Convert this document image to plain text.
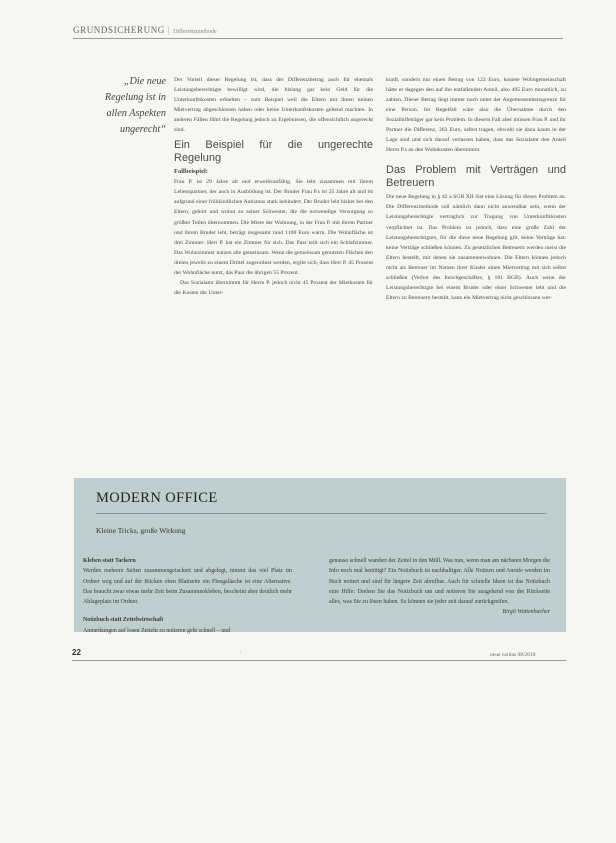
GRUNDSICHERUNG | Differenzmethode
„Die neue Regelung ist in allen Aspekten ungerecht“

Der Vorteil dieser Regelung ist, dass der Differenzbetrag auch für ehemals Leistungsberechtigte bewilligt wird, die bislang gar kein Geld für die Unterkunftskosten erhielten – zum Beispiel weil die Eltern mit ihnen keinen Mietvertrag abgeschlossen haben oder keine Unterkunftskosten geltend machten. In anderen Fällen führt die Regelung jedoch zu Ergebnissen, die offensichtlich ungerecht sind.

Ein Beispiel für die ungerechte Regelung

Fallbeispiel:

Frau P. ist 29 Jahre alt und erwerbsunfähig. Sie lebt zusammen mit ihrem Lebenspartner, der auch in Ausbildung ist. Der Bruder Frau P.s ist 25 Jahre alt und ist aufgrund einer frühkindlichen Autismus stark behindert. Der Bruder lebt bisher bei den Eltern, gehört und wohnt zu seiner Schwester, die die notwendige Versorgung so größter Teilen übernommen. Die Miete der Wohnung, in der Frau P. mit ihrem Partner und ihrem Bruder lebt, beträgt insgesamt rund 1100 Euro warm. Die Wohnfläche ist drei Zimmer: Herr P. hat ein Zimmer für sich. Das Paar teilt sich ein Schlafzimmer. Das Wohnzimmer nutzen alle gemeinsam. Wenn die gemeinsam genutzten Flächen den dreien jeweils zu einem Drittel zugeordnet werden, ergibt sich, dass Herr P. 45 Prozent der Wohnfläche nutzt, das Paar die übrigen 55 Prozent.

Das Sozialamt übernimmt für Herrn P. jedoch nicht 45 Prozent der Mietkosten für die Kosten der Unter-

kunft, sondern nur einen Betrag von 122 Euro, kostete Wohngemeinschaft hätte er dagegen den auf ihn entfallenden Anteil, also 495 Euro monatlich, zu zahlen. Dieser Betrag liegt immer noch unter der Angemessenheitsgrenze für eine Person. Im Regelfall wäre also die Übernahme durch den Sozialhilfeträger gar kein Problem. In diesem Fall aber müssen Frau P. und ihr Partner die Differenz, 363 Euro, selbst tragen, obwohl sie dazu kaum in der Lage sind und sich darauf verlassen haben, dass das Sozialamt den Anteil Herrn P.s an den Wohnkosten übernimmt.

Das Problem mit Verträgen und Betreuern

Die neue Regelung in § 42 a SGB XII löst eine Lösung für dieses Problem an. Die Differenzmethode soll nämlich dann nicht anwendbar sein, wenn der Leistungsberechtigte vertraglich zur Tragung von Unterkunftskosten verpflichtet ist. Das Problem ist jedoch, dass eine große Zahl der Leistungsberechtigten, für die diese neue Regelung gilt, keine Verträge hat: keine Verträge schließen können. Zu gesetzlichen Betreuern werden meist die Eltern bestellt, mit denen sie zusammenwohnen. Die Eltern können jedoch nicht als Betreuer im Namen ihrer Kinder einen Mietvertrag mit sich selbst schließen (Verbot des Insichgeschäftes, § 181 BGB). Auch wenn der Leistungsberechtigte bei einem Bruder oder einer Schwester lebt und die Eltern zu Betreuern bestellt, kann ein Mietvertrag nicht geschlossen wer-

MODERN OFFICE
Kleine Tricks, große Wirkung

Kleben statt Tackern

Werden mehrere Seiten zusammengetackert und abgelegt, nimmt das viel Platz im Ordner weg und auf der Rücken oben Blattseite ein Fleegaläsche ist eine Alternative. Das braucht zwar etwas mehr Zeit beim Zusammenkleben, bescheint aber deutlich mehr Ablageplatz im Ordner.

Notizbuch statt Zettelwirtschaft

Anmerkungen auf losen Zetteln zu notieren geht schnell – und

genauso schnell wandert der Zettel in den Müll. Was nun, wenn man am nächsten Morgen die Info noch mal benötigt? Ein Notizbuch ist nachhaltiger. Alle Notizen und Anrufe werden im Buch notiert und sind für längere Zeit abrufbar. Auch für schnelle Ideen ist das Notizbuch eine Hilfe: Drehen Sie das Notizbuch um und notieren Sie ausgehend von der Rückseite alles, was Sie zu lösen haben. So können sie jeder zeit darauf zurückgreifen.

Birgit Wattenbacher

22	/	neue caritas 08/2018
